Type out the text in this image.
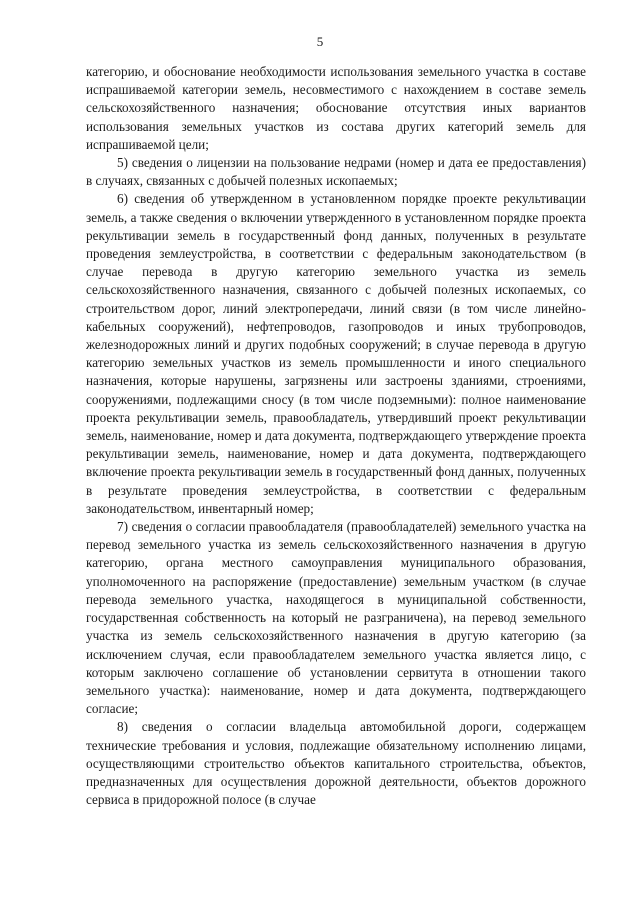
5

категорию, и обоснование необходимости использования земельного участка в составе испрашиваемой категории земель, несовместимого с нахождением в составе земель сельскохозяйственного назначения; обоснование отсутствия иных вариантов использования земельных участков из состава других категорий земель для испрашиваемой цели;

5) сведения о лицензии на пользование недрами (номер и дата ее предоставления) в случаях, связанных с добычей полезных ископаемых;

6) сведения об утвержденном в установленном порядке проекте рекультивации земель, а также сведения о включении утвержденного в установленном порядке проекта рекультивации земель в государственный фонд данных, полученных в результате проведения землеустройства, в соответствии с федеральным законодательством (в случае перевода в другую категорию земельного участка из земель сельскохозяйственного назначения, связанного с добычей полезных ископаемых, со строительством дорог, линий электропередачи, линий связи (в том числе линейно-кабельных сооружений), нефтепроводов, газопроводов и иных трубопроводов, железнодорожных линий и других подобных сооружений; в случае перевода в другую категорию земельных участков из земель промышленности и иного специального назначения, которые нарушены, загрязнены или застроены зданиями, строениями, сооружениями, подлежащими сносу (в том числе подземными): полное наименование проекта рекультивации земель, правообладатель, утвердивший проект рекультивации земель, наименование, номер и дата документа, подтверждающего утверждение проекта рекультивации земель, наименование, номер и дата документа, подтверждающего включение проекта рекультивации земель в государственный фонд данных, полученных в результате проведения землеустройства, в соответствии с федеральным законодательством, инвентарный номер;

7) сведения о согласии правообладателя (правообладателей) земельного участка на перевод земельного участка из земель сельскохозяйственного назначения в другую категорию, органа местного самоуправления муниципального образования, уполномоченного на распоряжение (предоставление) земельным участком (в случае перевода земельного участка, находящегося в муниципальной собственности, государственная собственность на который не разграничена), на перевод земельного участка из земель сельскохозяйственного назначения в другую категорию (за исключением случая, если правообладателем земельного участка является лицо, с которым заключено соглашение об установлении сервитута в отношении такого земельного участка): наименование, номер и дата документа, подтверждающего согласие;

8) сведения о согласии владельца автомобильной дороги, содержащем технические требования и условия, подлежащие обязательному исполнению лицами, осуществляющими строительство объектов капитального строительства, объектов, предназначенных для осуществления дорожной деятельности, объектов дорожного сервиса в придорожной полосе (в случае
